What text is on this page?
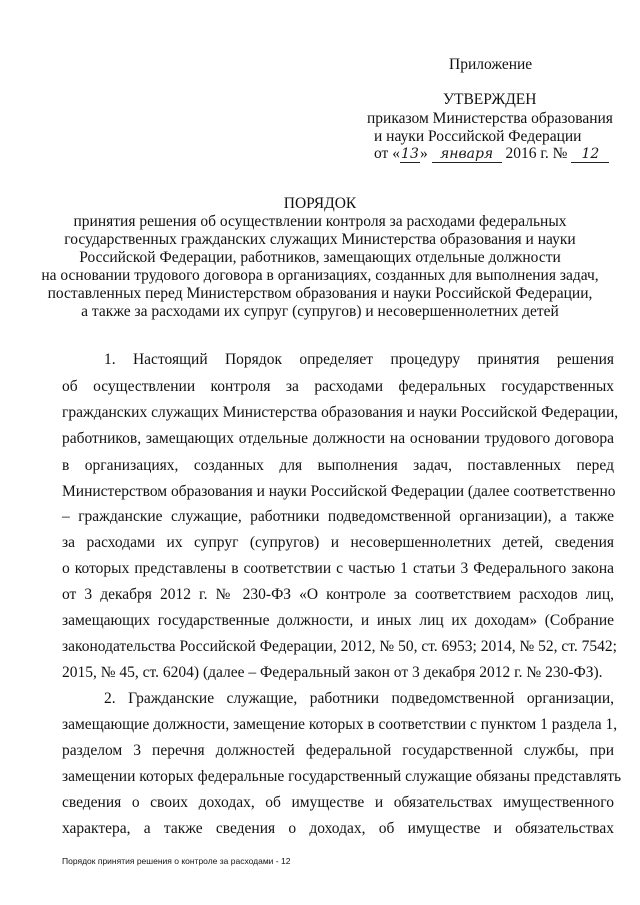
Приложение
УТВЕРЖДЕН
приказом Министерства образования
и науки Российской Федерации
от «13» января 2016 г. № 12
ПОРЯДОК
принятия решения об осуществлении контроля за расходами федеральных
государственных гражданских служащих Министерства образования и науки
Российской Федерации, работников, замещающих отдельные должности
на основании трудового договора в организациях, созданных для выполнения задач,
поставленных перед Министерством образования и науки Российской Федерации,
а также за расходами их супруг (супругов) и несовершеннолетних детей
1. Настоящий Порядок определяет процедуру принятия решения
об осуществлении контроля за расходами федеральных государственных
гражданских служащих Министерства образования и науки Российской Федерации,
работников, замещающих отдельные должности на основании трудового договора
в организациях, созданных для выполнения задач, поставленных перед
Министерством образования и науки Российской Федерации (далее соответственно
– гражданские служащие, работники подведомственной организации), а также
за расходами их супруг (супругов) и несовершеннолетних детей, сведения
о которых представлены в соответствии с частью 1 статьи 3 Федерального закона
от 3 декабря 2012 г. № 230-ФЗ «О контроле за соответствием расходов лиц,
замещающих государственные должности, и иных лиц их доходам» (Собрание
законодательства Российской Федерации, 2012, № 50, ст. 6953; 2014, № 52, ст. 7542;
2015, № 45, ст. 6204) (далее – Федеральный закон от 3 декабря 2012 г. № 230-ФЗ).
2. Гражданские служащие, работники подведомственной организации,
замещающие должности, замещение которых в соответствии с пунктом 1 раздела 1,
разделом 3 перечня должностей федеральной государственной службы, при
замещении которых федеральные государственный служащие обязаны представлять
сведения о своих доходах, об имуществе и обязательствах имущественного
характера, а также сведения о доходах, об имуществе и обязательствах
Порядок принятия решения о контроле за расходами - 12
